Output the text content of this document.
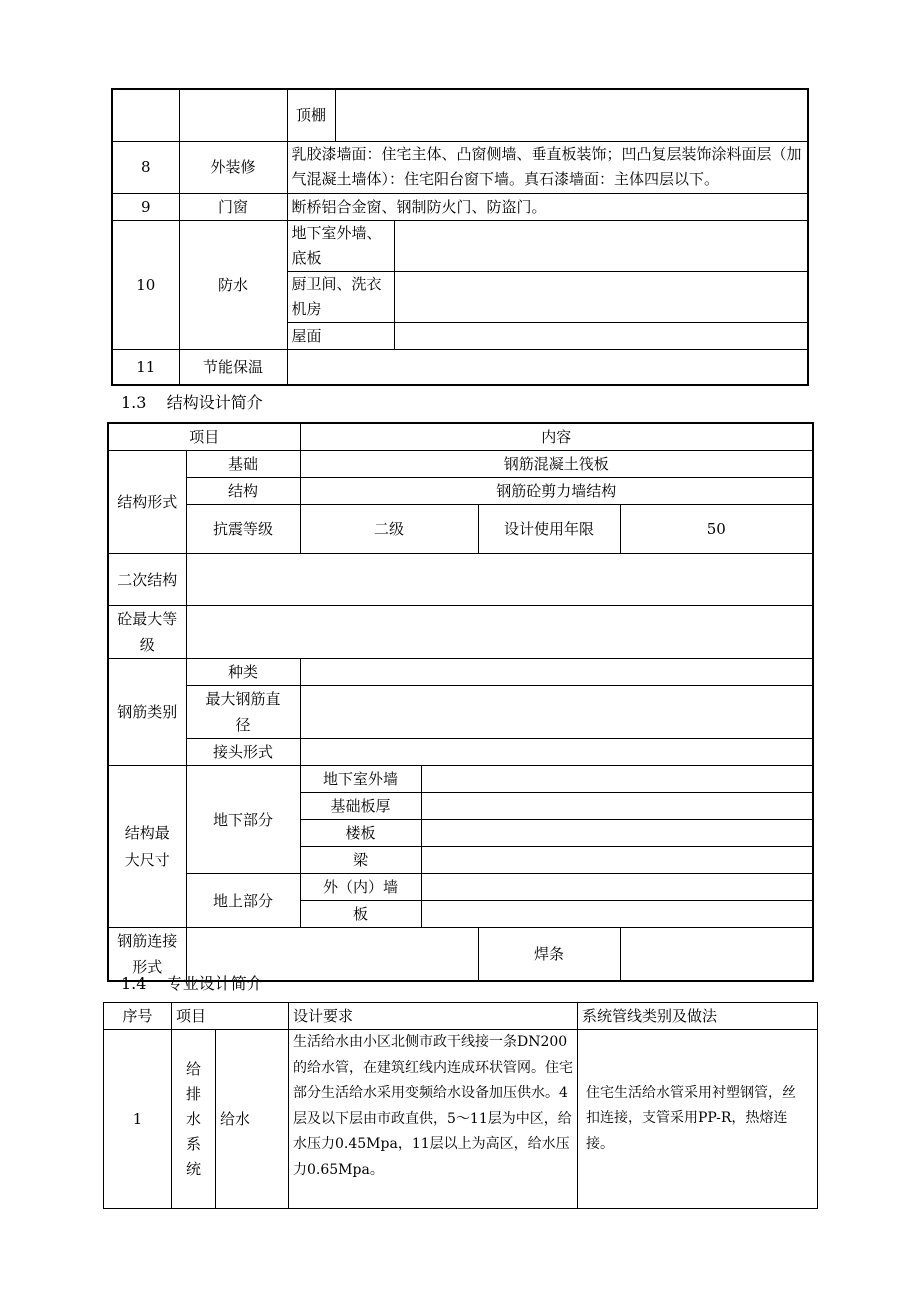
		顶棚		
8	外装修	乳胶漆墙面：住宅主体、凸窗侧墙、垂直板装饰；凹凸复层装饰涂料面层（加气混凝土墙体）：住宅阳台窗下墙。真石漆墙面：主体四层以下。		
9	门窗	断桥铝合金窗、钢制防火门、防盗门。		
10	防水	地下室外墙、底板		
		厨卫间、洗衣机房		
		屋面		
11	节能保温			
1.3 结构设计简介
项目		内容			
结构形式	基础	钢筋混凝土筏板			
	结构	钢筋砼剪力墙结构			
	抗震等级	二级		设计使用年限	50
二次结构					
砼最大等级					
钢筋类别	种类				
	最大钢筋直径				
	接头形式				
结构最大尺寸	地下部分	地下室外墙			
		基础板厚			
		楼板			
		梁			
	地上部分	外（内）墙			
		板			
钢筋连接形式				焊条	
1.4 专业设计简介
序号	项目		设计要求	系统管线类别及做法
1	给排水系统	给水	生活给水由小区北侧市政干线接一条DN200的给水管，在建筑红线内连成环状管网。住宅部分生活给水采用变频给水设备加压供水。4层及以下层由市政直供，5～11层为中区，给水压力0.45Mpa，11层以上为高区，给水压力0.65Mpa。	住宅生活给水管采用衬塑钢管，丝扣连接，支管采用PP-R，热熔连接。
